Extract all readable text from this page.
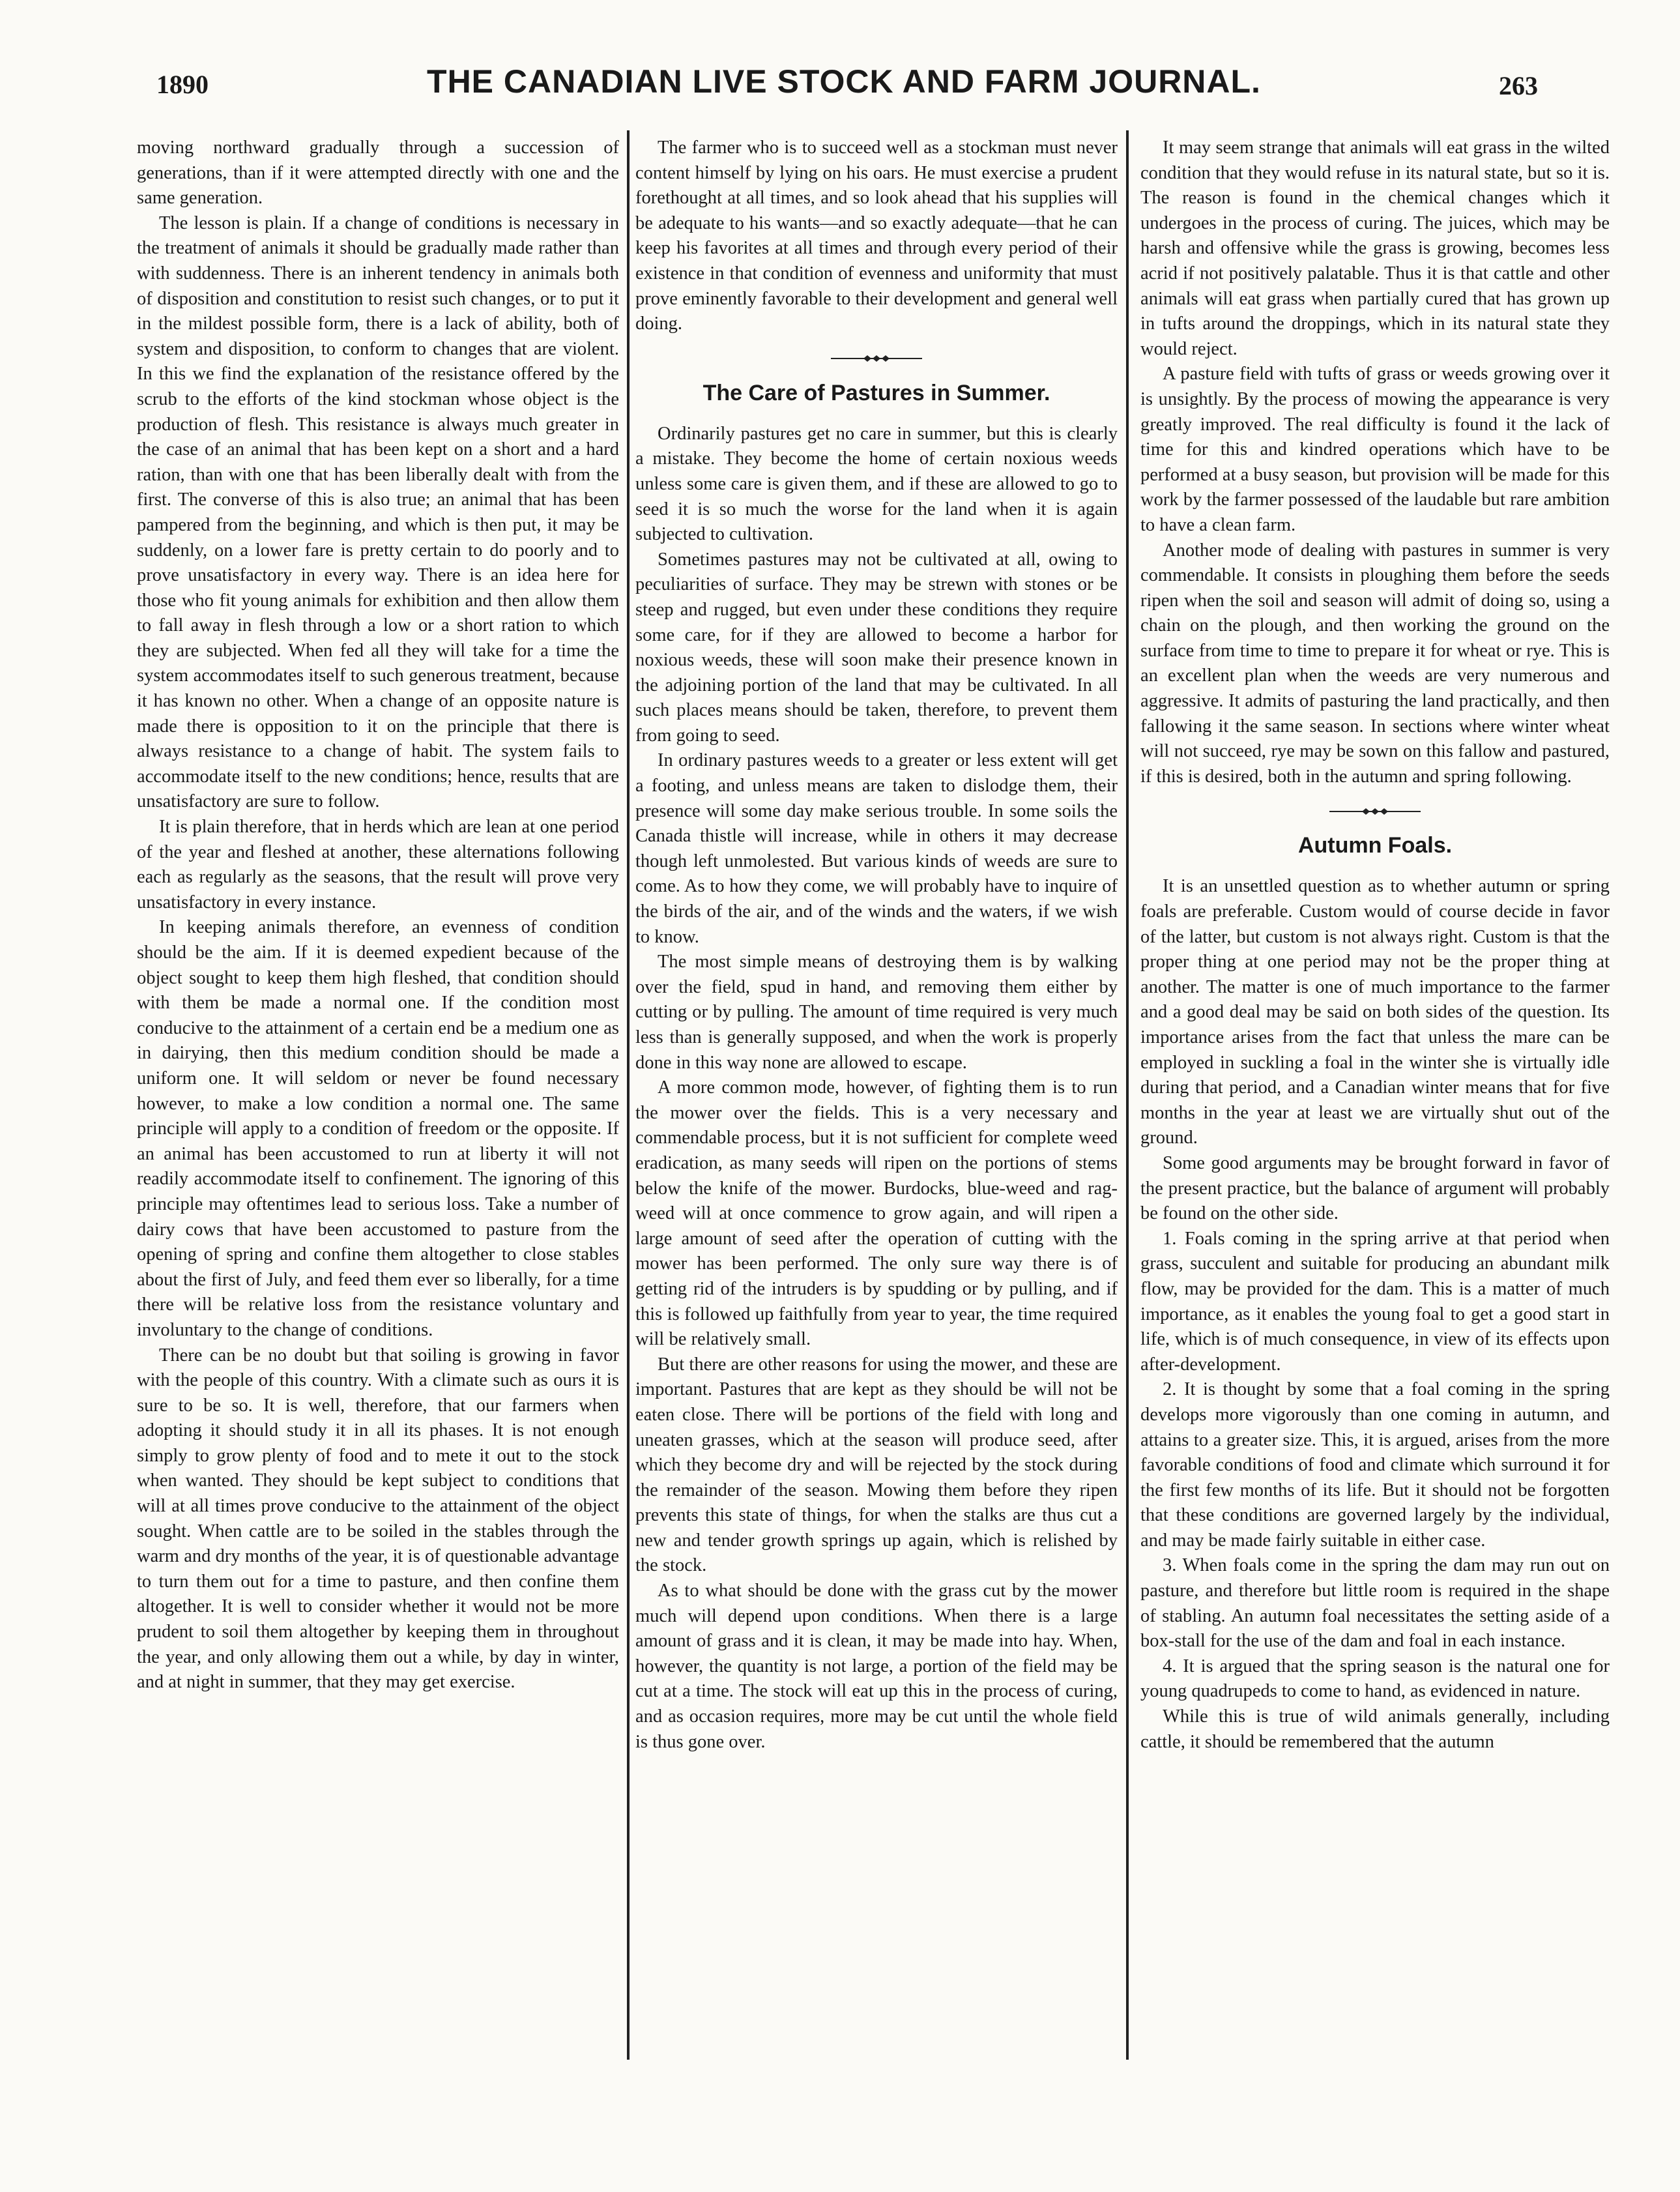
1890	THE CANADIAN LIVE STOCK AND FARM JOURNAL.	263

moving northward gradually through a succession of generations, than if it were attempted directly with one and the same generation.

The lesson is plain. If a change of conditions is necessary in the treatment of animals it should be gradually made rather than with suddenness. There is an inherent tendency in animals both of disposition and constitution to resist such changes, or to put it in the mildest possible form, there is a lack of ability, both of system and disposition, to conform to changes that are violent. In this we find the explanation of the resistance offered by the scrub to the efforts of the kind stockman whose object is the production of flesh. This resistance is always much greater in the case of an animal that has been kept on a short and a hard ration, than with one that has been liberally dealt with from the first. The converse of this is also true; an animal that has been pampered from the beginning, and which is then put, it may be suddenly, on a lower fare is pretty certain to do poorly and to prove unsatisfactory in every way. There is an idea here for those who fit young animals for exhibition and then allow them to fall away in flesh through a low or a short ration to which they are subjected. When fed all they will take for a time the system accommodates itself to such generous treatment, because it has known no other. When a change of an opposite nature is made there is opposition to it on the principle that there is always resistance to a change of habit. The system fails to accommodate itself to the new conditions; hence, results that are unsatisfactory are sure to follow.

It is plain therefore, that in herds which are lean at one period of the year and fleshed at another, these alternations following each as regularly as the seasons, that the result will prove very unsatisfactory in every instance.

In keeping animals therefore, an evenness of condition should be the aim. If it is deemed expedient because of the object sought to keep them high fleshed, that condition should with them be made a normal one. If the condition most conducive to the attainment of a certain end be a medium one as in dairying, then this medium condition should be made a uniform one. It will seldom or never be found necessary however, to make a low condition a normal one. The same principle will apply to a condition of freedom or the opposite. If an animal has been accustomed to run at liberty it will not readily accommodate itself to confinement. The ignoring of this principle may oftentimes lead to serious loss. Take a number of dairy cows that have been accustomed to pasture from the opening of spring and confine them altogether to close stables about the first of July, and feed them ever so liberally, for a time there will be relative loss from the resistance voluntary and involuntary to the change of conditions.

There can be no doubt but that soiling is growing in favor with the people of this country. With a climate such as ours it is sure to be so. It is well, therefore, that our farmers when adopting it should study it in all its phases. It is not enough simply to grow plenty of food and to mete it out to the stock when wanted. They should be kept subject to conditions that will at all times prove conducive to the attainment of the object sought. When cattle are to be soiled in the stables through the warm and dry months of the year, it is of questionable advantage to turn them out for a time to pasture, and then confine them altogether. It is well to consider whether it would not be more prudent to soil them altogether by keeping them in throughout the year, and only allowing them out a while, by day in winter, and at night in summer, that they may get exercise.

The farmer who is to succeed well as a stockman must never content himself by lying on his oars. He must exercise a prudent forethought at all times, and so look ahead that his supplies will be adequate to his wants—and so exactly adequate—that he can keep his favorites at all times and through every period of their existence in that condition of evenness and uniformity that must prove eminently favorable to their development and general well doing.

The Care of Pastures in Summer.

Ordinarily pastures get no care in summer, but this is clearly a mistake. They become the home of certain noxious weeds unless some care is given them, and if these are allowed to go to seed it is so much the worse for the land when it is again subjected to cultivation.

Sometimes pastures may not be cultivated at all, owing to peculiarities of surface. They may be strewn with stones or be steep and rugged, but even under these conditions they require some care, for if they are allowed to become a harbor for noxious weeds, these will soon make their presence known in the adjoining portion of the land that may be cultivated. In all such places means should be taken, therefore, to prevent them from going to seed.

In ordinary pastures weeds to a greater or less extent will get a footing, and unless means are taken to dislodge them, their presence will some day make serious trouble. In some soils the Canada thistle will increase, while in others it may decrease though left unmolested. But various kinds of weeds are sure to come. As to how they come, we will probably have to inquire of the birds of the air, and of the winds and the waters, if we wish to know.

The most simple means of destroying them is by walking over the field, spud in hand, and removing them either by cutting or by pulling. The amount of time required is very much less than is generally supposed, and when the work is properly done in this way none are allowed to escape.

A more common mode, however, of fighting them is to run the mower over the fields. This is a very necessary and commendable process, but it is not sufficient for complete weed eradication, as many seeds will ripen on the portions of stems below the knife of the mower. Burdocks, blue-weed and rag-weed will at once commence to grow again, and will ripen a large amount of seed after the operation of cutting with the mower has been performed. The only sure way there is of getting rid of the intruders is by spudding or by pulling, and if this is followed up faithfully from year to year, the time required will be relatively small.

But there are other reasons for using the mower, and these are important. Pastures that are kept as they should be will not be eaten close. There will be portions of the field with long and uneaten grasses, which at the season will produce seed, after which they become dry and will be rejected by the stock during the remainder of the season. Mowing them before they ripen prevents this state of things, for when the stalks are thus cut a new and tender growth springs up again, which is relished by the stock.

As to what should be done with the grass cut by the mower much will depend upon conditions. When there is a large amount of grass and it is clean, it may be made into hay. When, however, the quantity is not large, a portion of the field may be cut at a time. The stock will eat up this in the process of curing, and as occasion requires, more may be cut until the whole field is thus gone over.

It may seem strange that animals will eat grass in the wilted condition that they would refuse in its natural state, but so it is. The reason is found in the chemical changes which it undergoes in the process of curing. The juices, which may be harsh and offensive while the grass is growing, becomes less acrid if not positively palatable. Thus it is that cattle and other animals will eat grass when partially cured that has grown up in tufts around the droppings, which in its natural state they would reject.

A pasture field with tufts of grass or weeds growing over it is unsightly. By the process of mowing the appearance is very greatly improved. The real difficulty is found it the lack of time for this and kindred operations which have to be performed at a busy season, but provision will be made for this work by the farmer possessed of the laudable but rare ambition to have a clean farm.

Another mode of dealing with pastures in summer is very commendable. It consists in ploughing them before the seeds ripen when the soil and season will admit of doing so, using a chain on the plough, and then working the ground on the surface from time to time to prepare it for wheat or rye. This is an excellent plan when the weeds are very numerous and aggressive. It admits of pasturing the land practically, and then fallowing it the same season. In sections where winter wheat will not succeed, rye may be sown on this fallow and pastured, if this is desired, both in the autumn and spring following.

Autumn Foals.

It is an unsettled question as to whether autumn or spring foals are preferable. Custom would of course decide in favor of the latter, but custom is not always right. Custom is that the proper thing at one period may not be the proper thing at another. The matter is one of much importance to the farmer and a good deal may be said on both sides of the question. Its importance arises from the fact that unless the mare can be employed in suckling a foal in the winter she is virtually idle during that period, and a Canadian winter means that for five months in the year at least we are virtually shut out of the ground.

Some good arguments may be brought forward in favor of the present practice, but the balance of argument will probably be found on the other side.

1. Foals coming in the spring arrive at that period when grass, succulent and suitable for producing an abundant milk flow, may be provided for the dam. This is a matter of much importance, as it enables the young foal to get a good start in life, which is of much consequence, in view of its effects upon after-development.

2. It is thought by some that a foal coming in the spring develops more vigorously than one coming in autumn, and attains to a greater size. This, it is argued, arises from the more favorable conditions of food and climate which surround it for the first few months of its life. But it should not be forgotten that these conditions are governed largely by the individual, and may be made fairly suitable in either case.

3. When foals come in the spring the dam may run out on pasture, and therefore but little room is required in the shape of stabling. An autumn foal necessitates the setting aside of a box-stall for the use of the dam and foal in each instance.

4. It is argued that the spring season is the natural one for young quadrupeds to come to hand, as evidenced in nature.

While this is true of wild animals generally, including cattle, it should be remembered that the autumn
